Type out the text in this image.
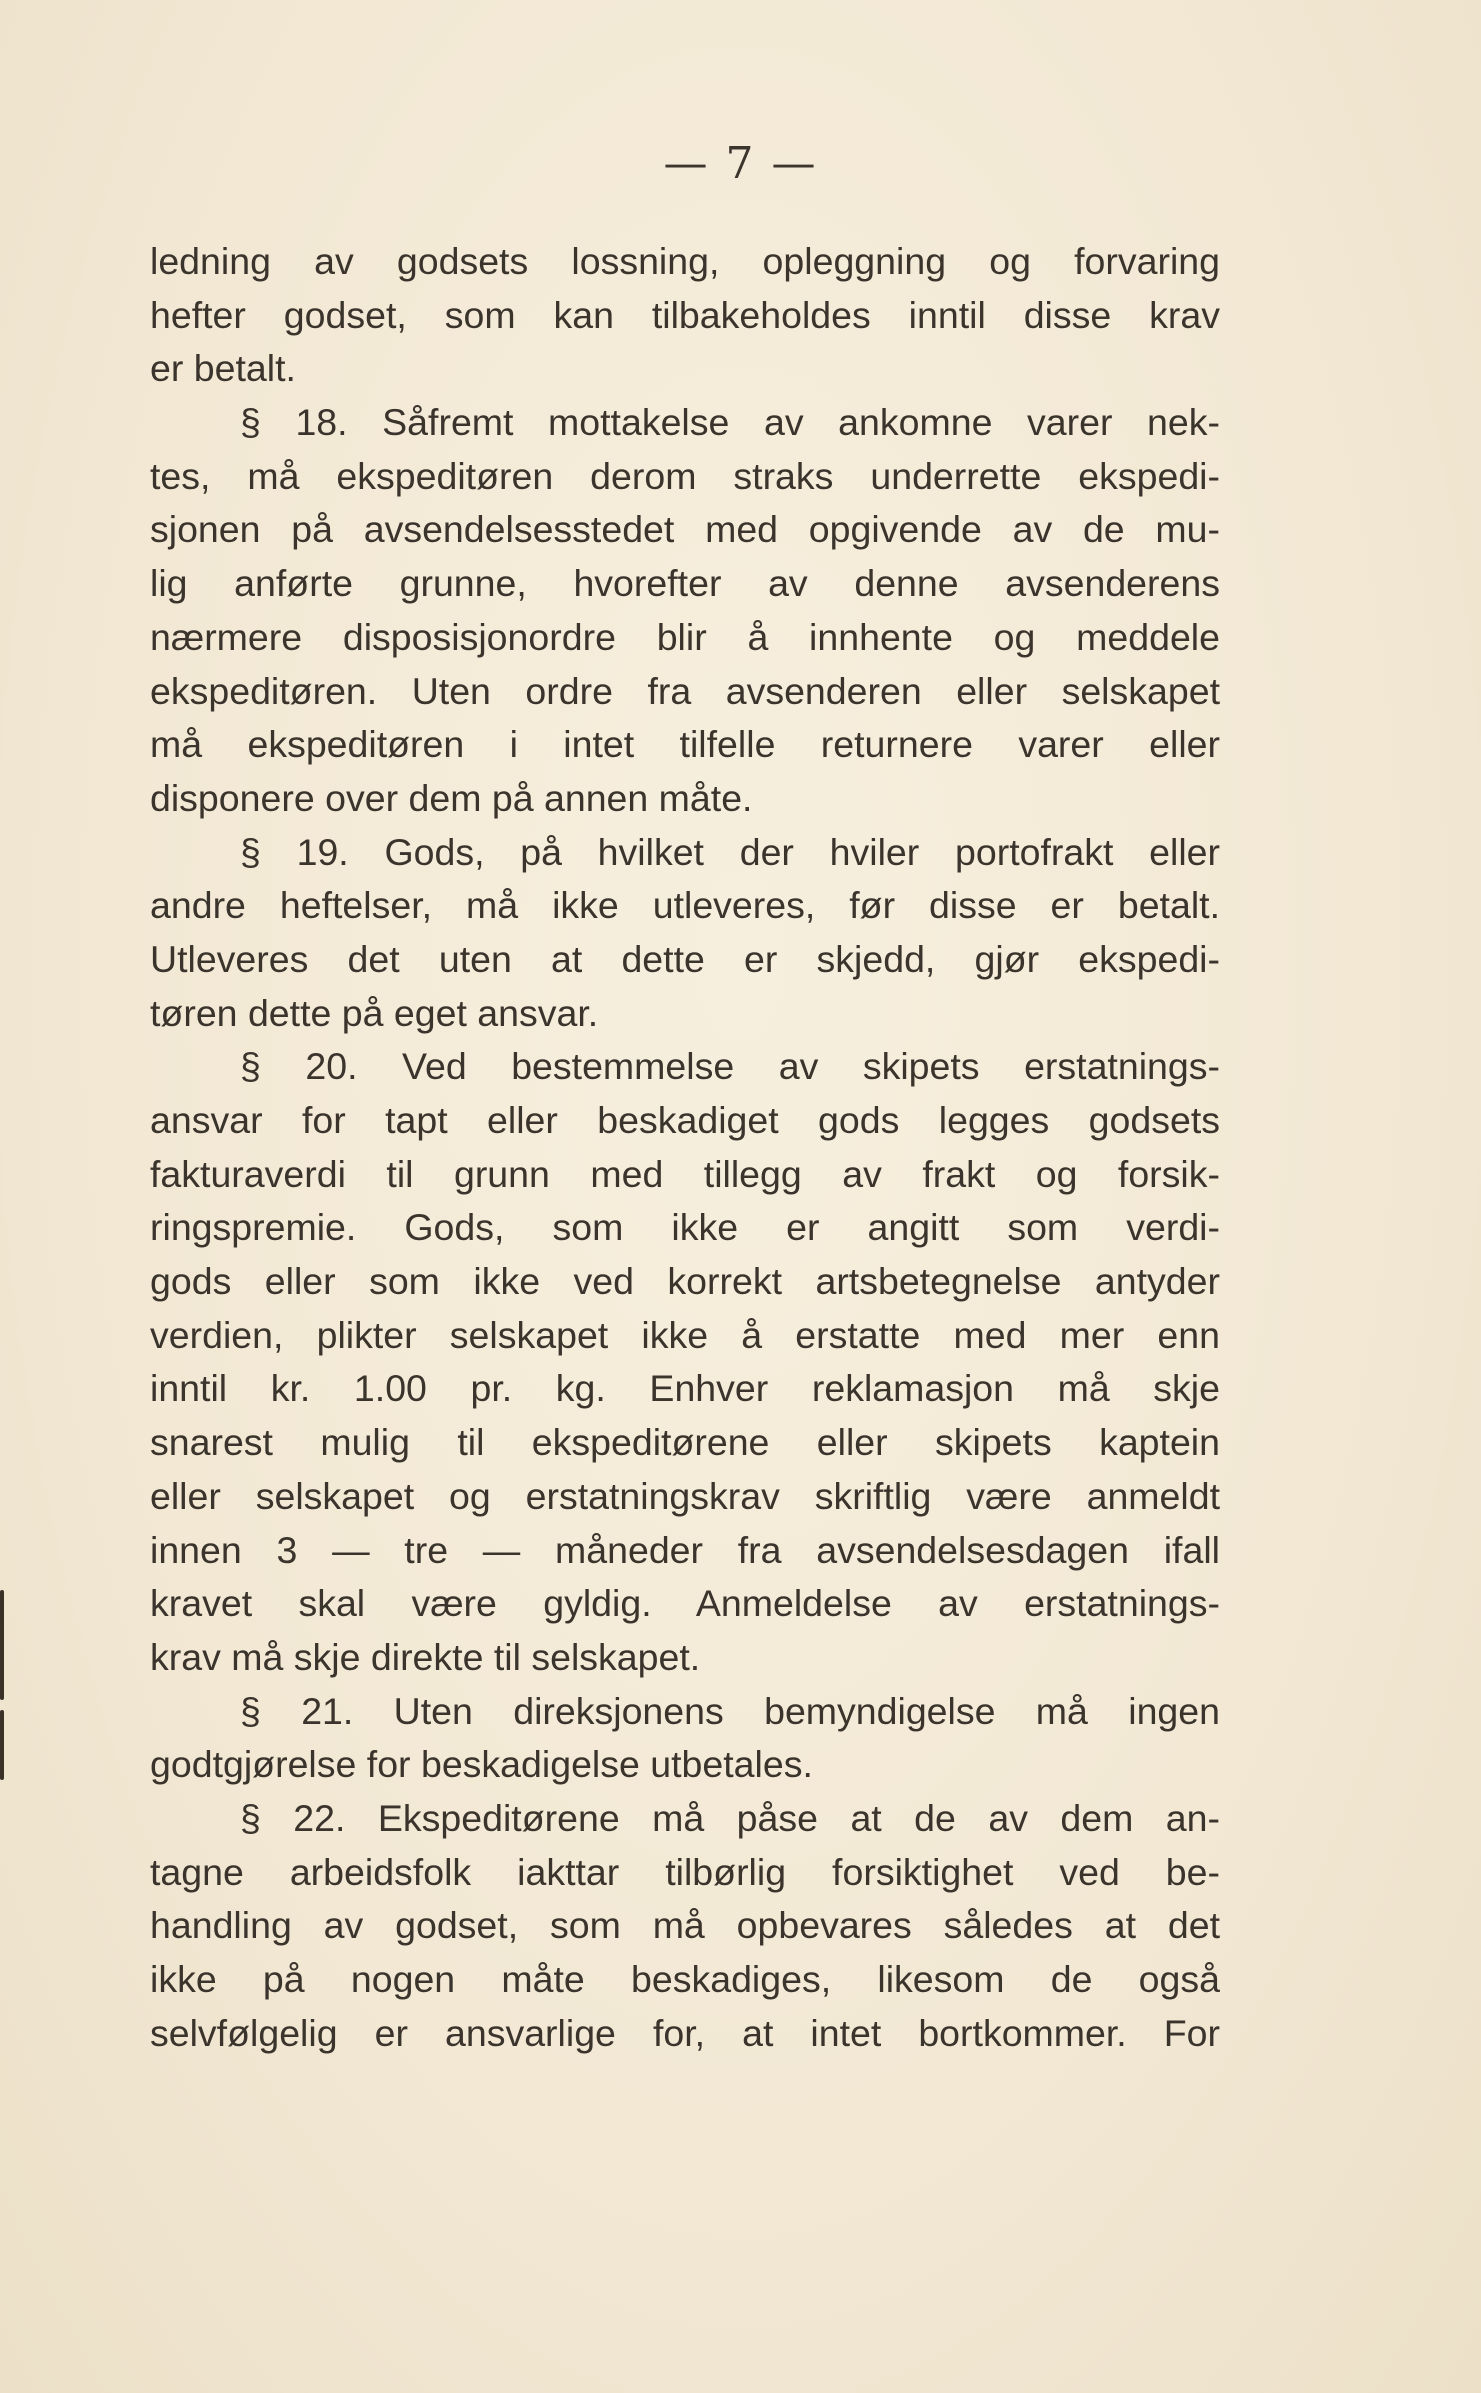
— 7 —
ledning av godsets lossning, opleggning og forvaring
hefter godset, som kan tilbakeholdes inntil disse krav
er betalt.
§ 18. Såfremt mottakelse av ankomne varer nek-
tes, må ekspeditøren derom straks underrette ekspedi-
sjonen på avsendelsesstedet med opgivende av de mu-
lig anførte grunne, hvorefter av denne avsenderens
nærmere disposisjonordre blir å innhente og meddele
ekspeditøren. Uten ordre fra avsenderen eller selskapet
må ekspeditøren i intet tilfelle returnere varer eller
disponere over dem på annen måte.
§ 19. Gods, på hvilket der hviler portofrakt eller
andre heftelser, må ikke utleveres, før disse er betalt.
Utleveres det uten at dette er skjedd, gjør ekspedi-
tøren dette på eget ansvar.
§ 20. Ved bestemmelse av skipets erstatnings-
ansvar for tapt eller beskadiget gods legges godsets
fakturaverdi til grunn med tillegg av frakt og forsik-
ringspremie. Gods, som ikke er angitt som verdi-
gods eller som ikke ved korrekt artsbetegnelse antyder
verdien, plikter selskapet ikke å erstatte med mer enn
inntil kr. 1.00 pr. kg. Enhver reklamasjon må skje
snarest mulig til ekspeditørene eller skipets kaptein
eller selskapet og erstatningskrav skriftlig være anmeldt
innen 3 — tre — måneder fra avsendelsesdagen ifall
kravet skal være gyldig. Anmeldelse av erstatnings-
krav må skje direkte til selskapet.
§ 21. Uten direksjonens bemyndigelse må ingen
godtgjørelse for beskadigelse utbetales.
§ 22. Ekspeditørene må påse at de av dem an-
tagne arbeidsfolk iakttar tilbørlig forsiktighet ved be-
handling av godset, som må opbevares således at det
ikke på nogen måte beskadiges, likesom de også
selvfølgelig er ansvarlige for, at intet bortkommer. For
